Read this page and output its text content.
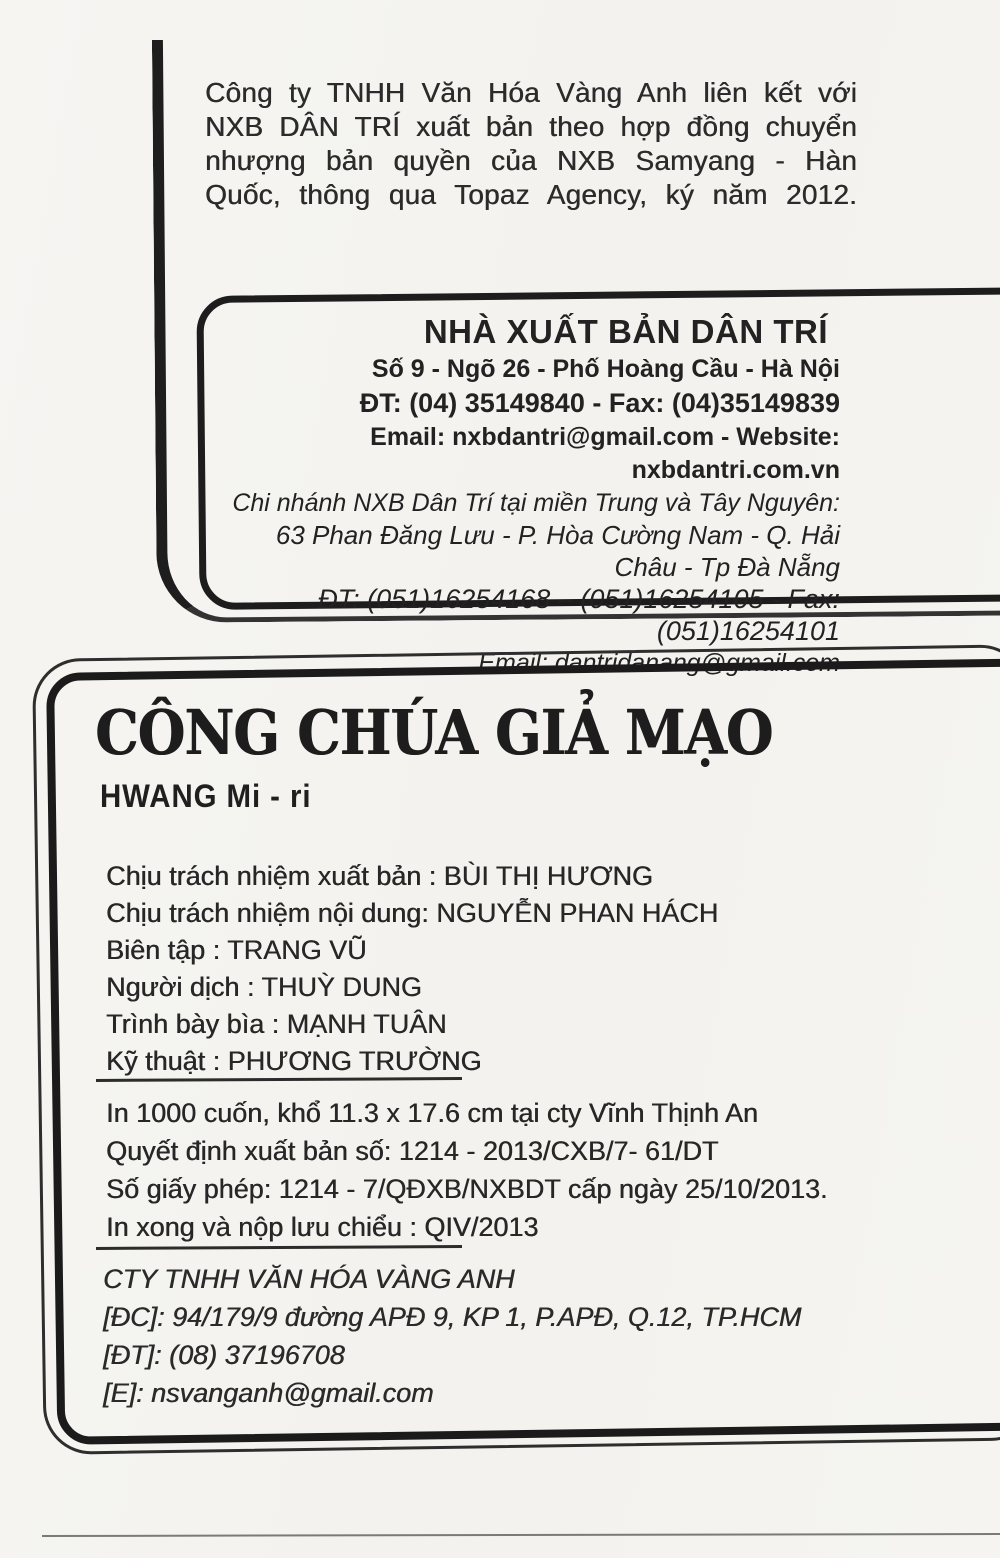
Công ty TNHH Văn Hóa Vàng Anh liên kết với
NXB DÂN TRÍ xuất bản theo hợp đồng chuyển
nhượng bản quyền của NXB Samyang - Hàn
Quốc, thông qua Topaz Agency, ký năm 2012.
NHÀ XUẤT BẢN DÂN TRÍ
Số 9 - Ngõ 26 - Phố Hoàng Cầu - Hà Nội
ĐT: (04) 35149840 - Fax: (04)35149839
Email: nxbdantri@gmail.com - Website: nxbdantri.com.vn
Chi nhánh NXB Dân Trí tại miền Trung và Tây Nguyên:
63 Phan Đăng Lưu - P. Hòa Cường Nam - Q. Hải Châu - Tp Đà Nẵng
ĐT: (051)16254168 – (051)16254105 - Fax: (051)16254101
Email: dantridanang@gmail.com
CÔNG CHÚA GIẢ MẠO
HWANG Mi - ri
Chịu trách nhiệm xuất bản : BÙI THỊ HƯƠNG
Chịu trách nhiệm nội dung: NGUYỄN PHAN HÁCH
Biên tập : TRANG VŨ
Người dịch : THUỲ DUNG
Trình bày bìa : MẠNH TUÂN
Kỹ thuật : PHƯƠNG TRƯỜNG
In 1000 cuốn, khổ 11.3 x 17.6 cm tại cty Vĩnh Thịnh An
Quyết định xuất bản số: 1214 - 2013/CXB/7- 61/DT
Số giấy phép: 1214 - 7/QĐXB/NXBDT cấp ngày 25/10/2013.
In xong và nộp lưu chiểu : QIV/2013
CTY TNHH VĂN HÓA VÀNG ANH
[ĐC]: 94/179/9 đường APĐ 9, KP 1, P.APĐ, Q.12, TP.HCM
[ĐT]: (08) 37196708
[E]: nsvanganh@gmail.com
